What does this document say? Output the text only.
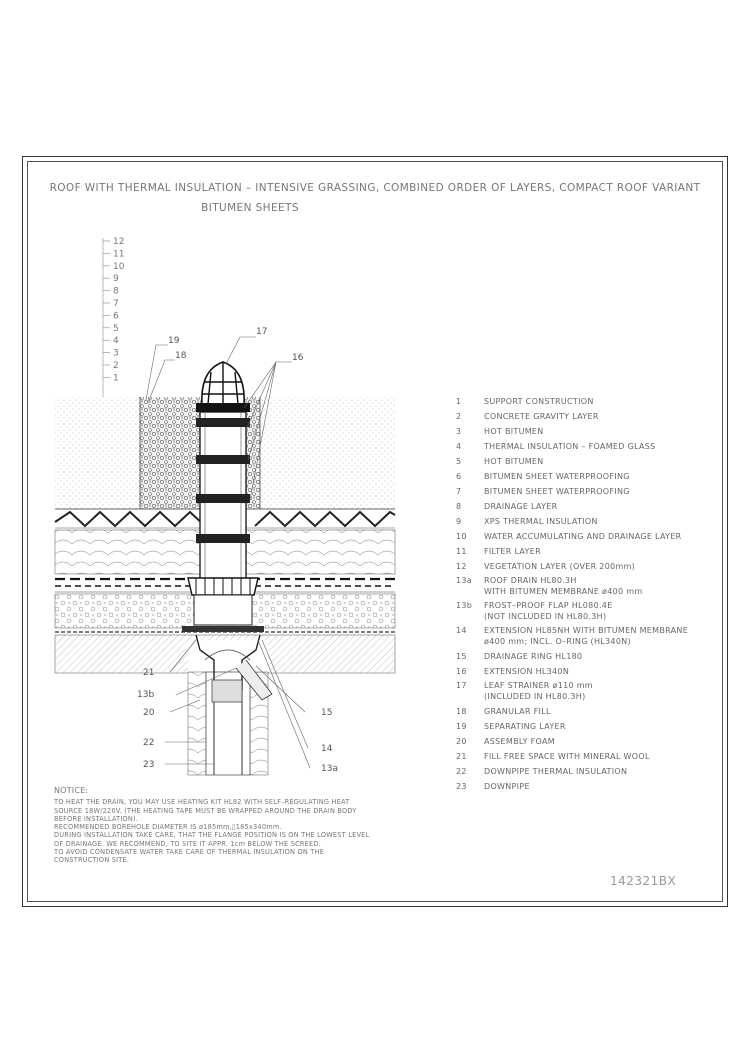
ROOF WITH THERMAL INSULATION – INTENSIVE GRASSING, COMBINED ORDER OF LAYERS, COMPACT ROOF VARIANT
BITUMEN SHEETS
12
11
10
9
8
7
6
5
4
3
2
1
17
16
19
18
21
13b
20
22
23
15
14
13a
1	SUPPORT CONSTRUCTION
2	CONCRETE GRAVITY LAYER
3	HOT BITUMEN
4	THERMAL INSULATION – FOAMED GLASS
5	HOT BITUMEN
6	BITUMEN SHEET WATERPROOFING
7	BITUMEN SHEET WATERPROOFING
8	DRAINAGE LAYER
9	XPS THERMAL INSULATION
10	WATER ACCUMULATING AND DRAINAGE LAYER
11	FILTER LAYER
12	VEGETATION LAYER (OVER 200mm)
13a	ROOF DRAIN HL80.3H
WITH BITUMEN MEMBRANE ø400 mm
13b	FROST–PROOF FLAP HL080.4E
(NOT INCLUDED IN HL80.3H)
14	EXTENSION HL85NH WITH BITUMEN MEMBRANE
ø400 mm; INCL. O–RING (HL340N)
15	DRAINAGE RING HL180
16	EXTENSION HL340N
17	LEAF STRAINER ø110 mm
(INCLUDED IN HL80.3H)
18	GRANULAR FILL
19	SEPARATING LAYER
20	ASSEMBLY FOAM
21	FILL FREE SPACE WITH MINERAL WOOL
22	DOWNPIPE THERMAL INSULATION
23	DOWNPIPE

NOTICE:

TO HEAT THE DRAIN, YOU MAY USE HEATING KIT HL82 WITH SELF–REGULATING HEAT

SOURCE 18W/220V. (THE HEATING TAPE MUST BE WRAPPED AROUND THE DRAIN BODY

BEFORE INSTALLATION).

RECOMMENDED BOREHOLE DIAMETER IS ø185mm,▯185x340mm.

DURING INSTALLATION TAKE CARE, THAT THE FLANGE POSITION IS ON THE LOWEST LEVEL

OF DRAINAGE. WE RECOMMEND, TO SITE IT APPR. 1cm BELOW THE SCREED.

TO AVOID CONDENSATE WATER TAKE CARE OF THERMAL INSULATION ON THE

CONSTRUCTION SITE.

142321BX
